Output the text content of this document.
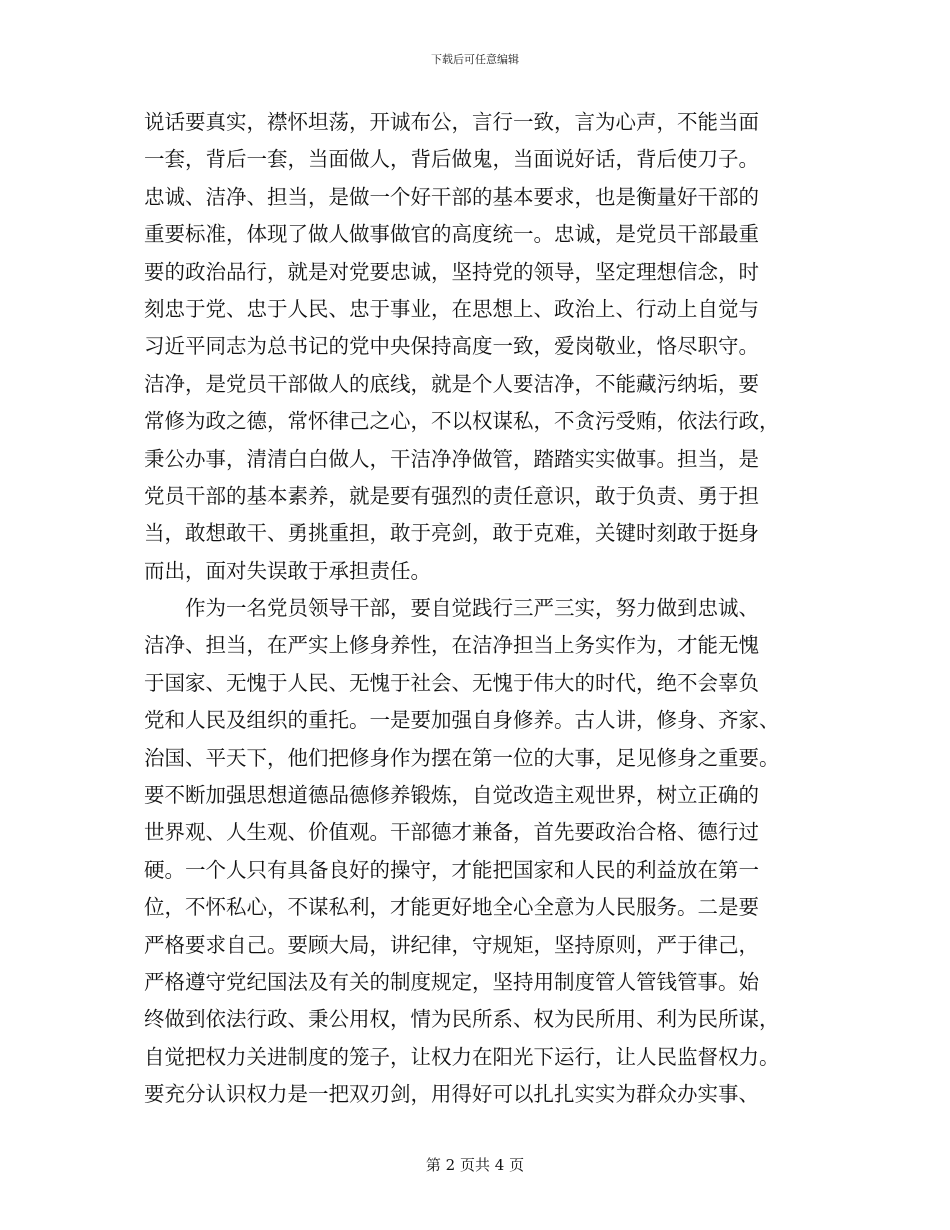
下载后可任意编辑
说话要真实，襟怀坦荡，开诚布公，言行一致，言为心声，不能当面
一套，背后一套，当面做人，背后做鬼，当面说好话，背后使刀子。
忠诚、洁净、担当，是做一个好干部的基本要求，也是衡量好干部的
重要标准，体现了做人做事做官的高度统一。忠诚，是党员干部最重
要的政治品行，就是对党要忠诚，坚持党的领导，坚定理想信念，时
刻忠于党、忠于人民、忠于事业，在思想上、政治上、行动上自觉与
习近平同志为总书记的党中央保持高度一致，爱岗敬业，恪尽职守。
洁净，是党员干部做人的底线，就是个人要洁净，不能藏污纳垢，要
常修为政之德，常怀律己之心，不以权谋私，不贪污受贿，依法行政，
秉公办事，清清白白做人，干洁净净做管，踏踏实实做事。担当，是
党员干部的基本素养，就是要有强烈的责任意识，敢于负责、勇于担
当，敢想敢干、勇挑重担，敢于亮剑，敢于克难，关键时刻敢于挺身
而出，面对失误敢于承担责任。
作为一名党员领导干部，要自觉践行三严三实，努力做到忠诚、
洁净、担当，在严实上修身养性，在洁净担当上务实作为，才能无愧
于国家、无愧于人民、无愧于社会、无愧于伟大的时代，绝不会辜负
党和人民及组织的重托。一是要加强自身修养。古人讲，修身、齐家、
治国、平天下，他们把修身作为摆在第一位的大事，足见修身之重要。
要不断加强思想道德品德修养锻炼，自觉改造主观世界，树立正确的
世界观、人生观、价值观。干部德才兼备，首先要政治合格、德行过
硬。一个人只有具备良好的操守，才能把国家和人民的利益放在第一
位，不怀私心，不谋私利，才能更好地全心全意为人民服务。二是要
严格要求自己。要顾大局，讲纪律，守规矩，坚持原则，严于律己，
严格遵守党纪国法及有关的制度规定，坚持用制度管人管钱管事。始
终做到依法行政、秉公用权，情为民所系、权为民所用、利为民所谋，
自觉把权力关进制度的笼子，让权力在阳光下运行，让人民监督权力。
要充分认识权力是一把双刃剑，用得好可以扎扎实实为群众办实事、
第 2 页共 4 页
